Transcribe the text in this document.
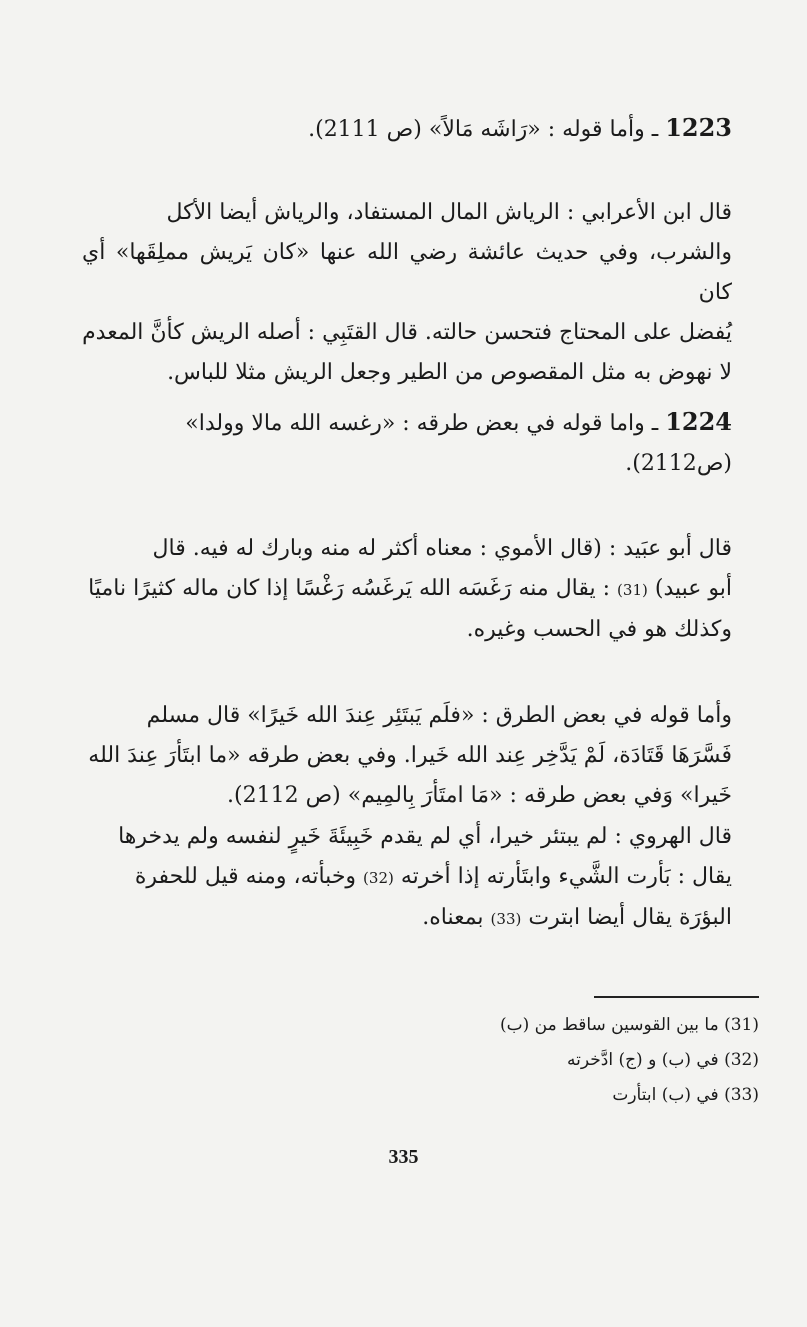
1223 ـ وأما قوله : «رَاشَه مَالاً» (ص 2111).
قال ابن الأعرابي : الرياش المال المستفاد، والرياش أيضا الأكل
والشرب، وفي حديث عائشة رضي الله عنها «كان يَريش مملِقَها» أي كان
يُفضل على المحتاج فتحسن حالته. قال القتَبِي : أصله الريش كأنَّ المعدم
لا نهوض به مثل المقصوص من الطير وجعل الريش مثلا للباس.
1224 ـ واما قوله في بعض طرقه : «رغسه الله مالا وولدا»
(ص2112).
قال أبو عبَيد : (قال الأموي : معناه أكثر له منه وبارك له فيه. قال
أبو عبيد) (31) : يقال منه رَغَسَه الله يَرغَسُه رَغْسًا إذا كان ماله كثيرًا ناميًا
وكذلك هو في الحسب وغيره.
وأما قوله في بعض الطرق : «فلَم يَبتَئِر عِندَ الله خَيرًا» قال مسلم
فَسَّرَهَا قَتَادَة، لَمْ يَدَّخِر عِند الله خَيرا. وفي بعض طرقه «ما ابتَأرَ عِندَ الله
خَيرا» وَفي بعض طرقه : «مَا امتَأرَ بِالمِيم» (ص 2112).
قال الهروي : لم يبتئر خيرا، أي لم يقدم خَبِيئَةَ خَيرٍ لنفسه ولم يدخرها
يقال : بَأرت الشَّيء وابتَأرته إذا أخرته (32) وخبأته، ومنه قيل للحفرة
البؤرَة يقال أيضا ابترت (33) بمعناه.
(31) ما بين القوسين ساقط من (ب)
(32) في (ب) و (ج) ادَّخرته
(33) في (ب) ابتأرت
335
